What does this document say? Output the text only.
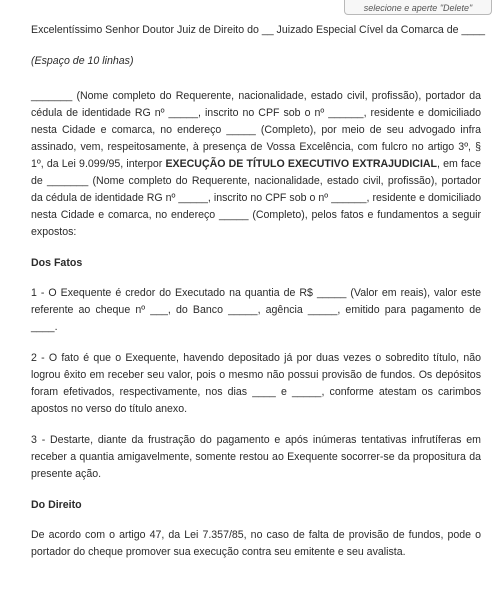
selecione e aperte "Delete"

Excelentíssimo Senhor Doutor Juiz de Direito do __ Juizado Especial Cível da Comarca de ____

(Espaço de 10 linhas)

_______ (Nome completo do Requerente, nacionalidade, estado civil, profissão), portador da cédula de identidade RG nº _____, inscrito no CPF sob o nº ______, residente e domiciliado nesta Cidade e comarca, no endereço _____ (Completo), por meio de seu advogado infra assinado, vem, respeitosamente, à presença de Vossa Excelência, com fulcro no artigo 3º, § 1º, da Lei 9.099/95, interpor EXECUÇÃO DE TÍTULO EXECUTIVO EXTRAJUDICIAL, em face de _______ (Nome completo do Requerente, nacionalidade, estado civil, profissão), portador da cédula de identidade RG nº _____, inscrito no CPF sob o nº ______, residente e domiciliado nesta Cidade e comarca, no endereço _____ (Completo), pelos fatos e fundamentos a seguir expostos:

Dos Fatos

1 - O Exequente é credor do Executado na quantia de R$ _____ (Valor em reais), valor este referente ao cheque nº ___, do Banco _____, agência _____, emitido para pagamento de ____.

2 - O fato é que o Exequente, havendo depositado já por duas vezes o sobredito título, não logrou êxito em receber seu valor, pois o mesmo não possui provisão de fundos. Os depósitos foram efetivados, respectivamente, nos dias ____ e _____, conforme atestam os carimbos apostos no verso do título anexo.

3 - Destarte, diante da frustração do pagamento e após inúmeras tentativas infrutíferas em receber a quantia amigavelmente, somente restou ao Exequente socorrer-se da propositura da presente ação.

Do Direito

De acordo com o artigo 47, da Lei 7.357/85, no caso de falta de provisão de fundos, pode o portador do cheque promover sua execução contra seu emitente e seu avalista.
